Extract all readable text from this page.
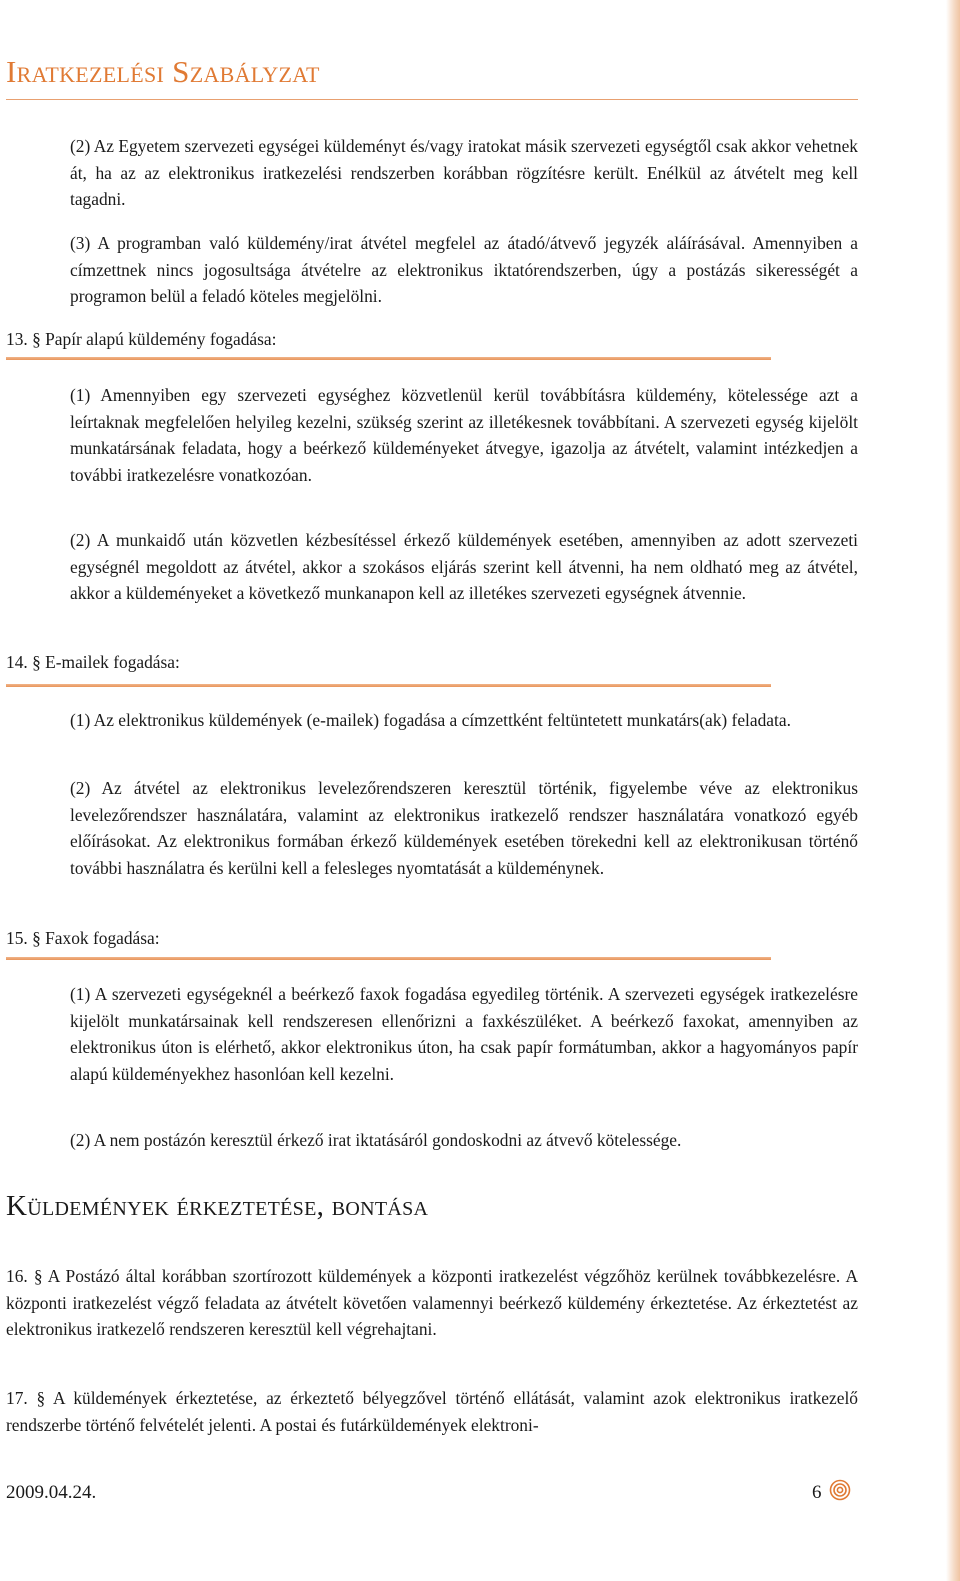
Iratkezelési Szabályzat

(2) Az Egyetem szervezeti egységei küldeményt és/vagy iratokat másik szervezeti egységtől csak akkor vehetnek át, ha az az elektronikus iratkezelési rendszerben korábban rögzítésre került. Enélkül az átvételt meg kell tagadni.

(3) A programban való küldemény/irat átvétel megfelel az átadó/átvevő jegyzék aláírásával. Amennyiben a címzettnek nincs jogosultsága átvételre az elektronikus iktatórendszerben, úgy a postázás sikerességét a programon belül a feladó köteles megjelölni.

13. § Papír alapú küldemény fogadása:

(1) Amennyiben egy szervezeti egységhez közvetlenül kerül továbbításra küldemény, kötelessége azt a leírtaknak megfelelően helyileg kezelni, szükség szerint az illetékesnek továbbítani. A szervezeti egység kijelölt munkatársának feladata, hogy a beérkező küldeményeket átvegye, igazolja az átvételt, valamint intézkedjen a további iratkezelésre vonatkozóan.

(2) A munkaidő után közvetlen kézbesítéssel érkező küldemények esetében, amennyiben az adott szervezeti egységnél megoldott az átvétel, akkor a szokásos eljárás szerint kell átvenni, ha nem oldható meg az átvétel, akkor a küldeményeket a következő munkanapon kell az illetékes szervezeti egységnek átvennie.

14. § E-mailek fogadása:

(1) Az elektronikus küldemények (e-mailek) fogadása a címzettként feltüntetett munkatárs(ak) feladata.

(2) Az átvétel az elektronikus levelezőrendszeren keresztül történik, figyelembe véve az elektronikus levelezőrendszer használatára, valamint az elektronikus iratkezelő rendszer használatára vonatkozó egyéb előírásokat. Az elektronikus formában érkező küldemények esetében törekedni kell az elektronikusan történő további használatra és kerülni kell a felesleges nyomtatását a küldeménynek.

15. § Faxok fogadása:

(1) A szervezeti egységeknél a beérkező faxok fogadása egyedileg történik. A szervezeti egységek iratkezelésre kijelölt munkatársainak kell rendszeresen ellenőrizni a faxkészüléket. A beérkező faxokat, amennyiben az elektronikus úton is elérhető, akkor elektronikus úton, ha csak papír formátumban, akkor a hagyományos papír alapú küldeményekhez hasonlóan kell kezelni.

(2) A nem postázón keresztül érkező irat iktatásáról gondoskodni az átvevő kötelessége.

Küldemények érkeztetése, bontása

16. § A Postázó által korábban szortírozott küldemények a központi iratkezelést végzőhöz kerülnek továbbkezelésre. A központi iratkezelést végző feladata az átvételt követően valamennyi beérkező küldemény érkeztetése. Az érkeztetést az elektronikus iratkezelő rendszeren keresztül kell végrehajtani.

17. § A küldemények érkeztetése, az érkeztető bélyegzővel történő ellátását, valamint azok elektronikus iratkezelő rendszerbe történő felvételét jelenti. A postai és futárküldemények elektroni-

2009.04.24.	6
